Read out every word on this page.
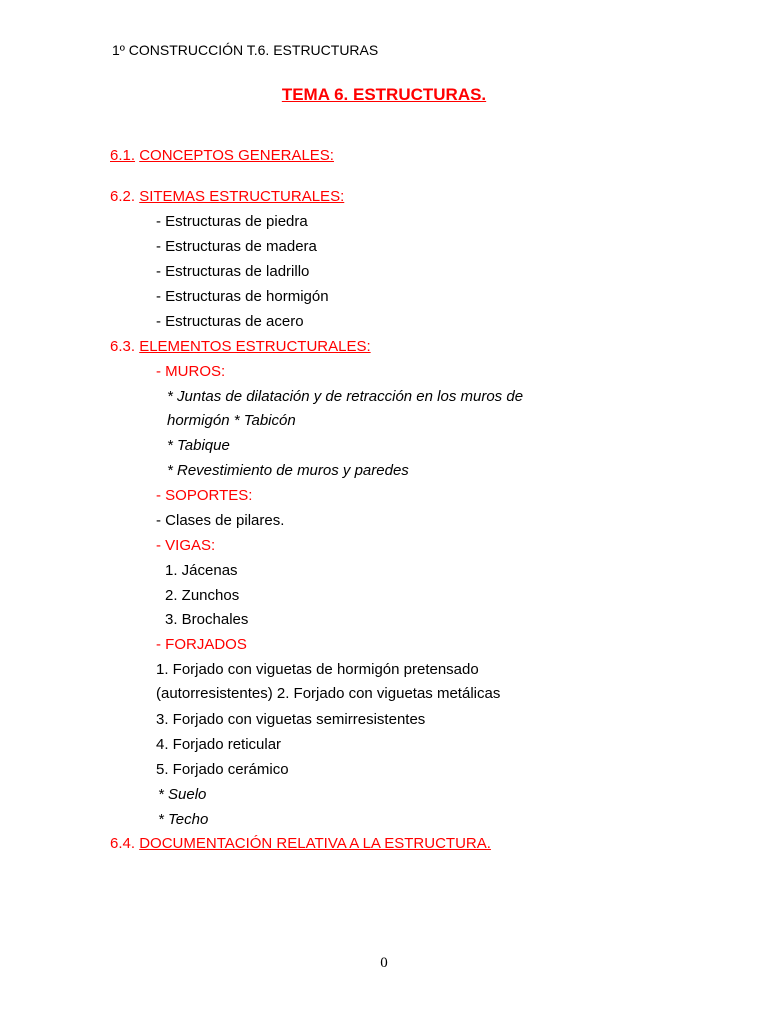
1º CONSTRUCCIÓN T.6. ESTRUCTURAS
TEMA 6. ESTRUCTURAS.
6.1. CONCEPTOS GENERALES:
6.2. SITEMAS ESTRUCTURALES:
- Estructuras de piedra
- Estructuras de madera
- Estructuras de ladrillo
- Estructuras de hormigón
- Estructuras de acero
6.3. ELEMENTOS ESTRUCTURALES:
- MUROS:
* Juntas de dilatación y de retracción en los muros de
hormigón * Tabicón
* Tabique
* Revestimiento de muros y paredes
- SOPORTES:
- Clases de pilares.
- VIGAS:
1. Jácenas
2. Zunchos
3. Brochales
- FORJADOS
1. Forjado con viguetas de hormigón pretensado
(autorresistentes) 2. Forjado con viguetas metálicas
3. Forjado con viguetas semirresistentes
4. Forjado reticular
5. Forjado cerámico
* Suelo
* Techo
6.4. DOCUMENTACIÓN RELATIVA A LA ESTRUCTURA.
0
